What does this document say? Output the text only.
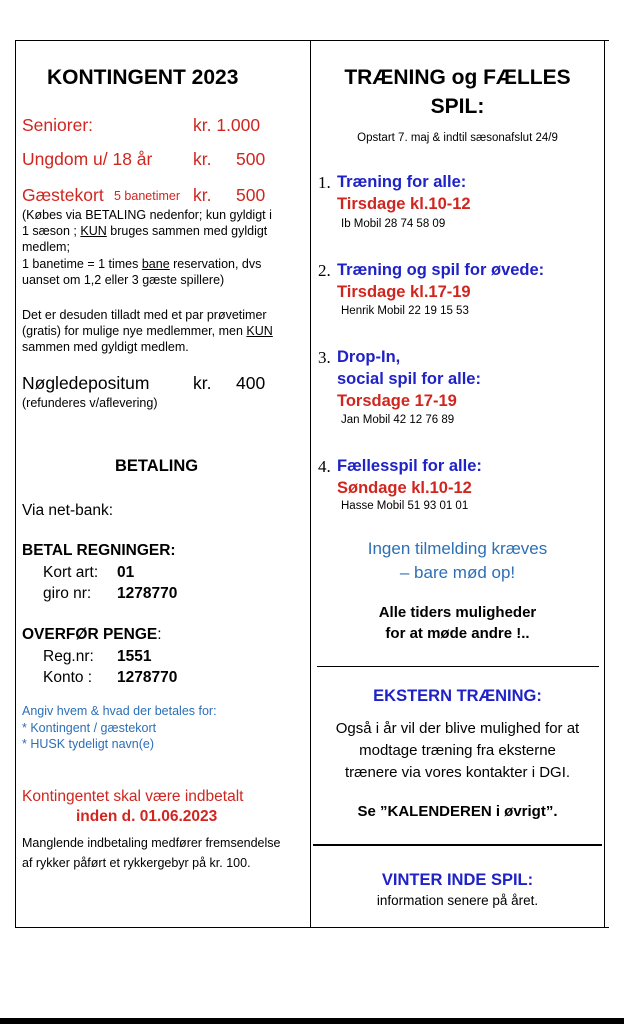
KONTINGENT 2023
Seniorer:	kr. 1.000
Ungdom u/ 18 år kr. 500
Gæstekort 5 banetimer kr. 500
(Købes via BETALING nedenfor; kun gyldigt i
1 sæson ; KUN bruges sammen med gyldigt
medlem;
1 banetime = 1 times bane reservation, dvs
uanset om 1,2 eller 3 gæste spillere)
Det er desuden tilladt med et par prøvetimer
(gratis) for mulige nye medlemmer, men KUN
sammen med gyldigt medlem.
Nøgledepositum kr. 400
(refunderes v/aflevering)
BETALING
Via net-bank:
BETAL REGNINGER:
Kort art: 01
giro nr: 1278770
OVERFØR PENGE:
Reg.nr: 1551
Konto : 1278770
Angiv hvem & hvad der betales for:
* Kontingent / gæstekort
* HUSK tydeligt navn(e)
Kontingentet skal være indbetalt
inden d. 01.06.2023
Manglende indbetaling medfører fremsendelse
af rykker påført et rykkergebyr på kr. 100.
TRÆNING og FÆLLES
SPIL:
Opstart 7. maj & indtil sæsonafslut 24/9
1. Træning for alle:
Tirsdage kl.10-12
Ib Mobil 28 74 58 09
2. Træning og spil for øvede:
Tirsdage kl.17-19
Henrik Mobil 22 19 15 53
3. Drop-In,
social spil for alle:
Torsdage 17-19
Jan Mobil 42 12 76 89
4. Fællesspil for alle:
Søndage kl.10-12
Hasse Mobil 51 93 01 01
Ingen tilmelding kræves
– bare mød op!
Alle tiders muligheder
for at møde andre !..
EKSTERN TRÆNING:
Også i år vil der blive mulighed for at
modtage træning fra eksterne
trænere via vores kontakter i DGI.
Se ”KALENDEREN i øvrigt”.
VINTER INDE SPIL:
information senere på året.
